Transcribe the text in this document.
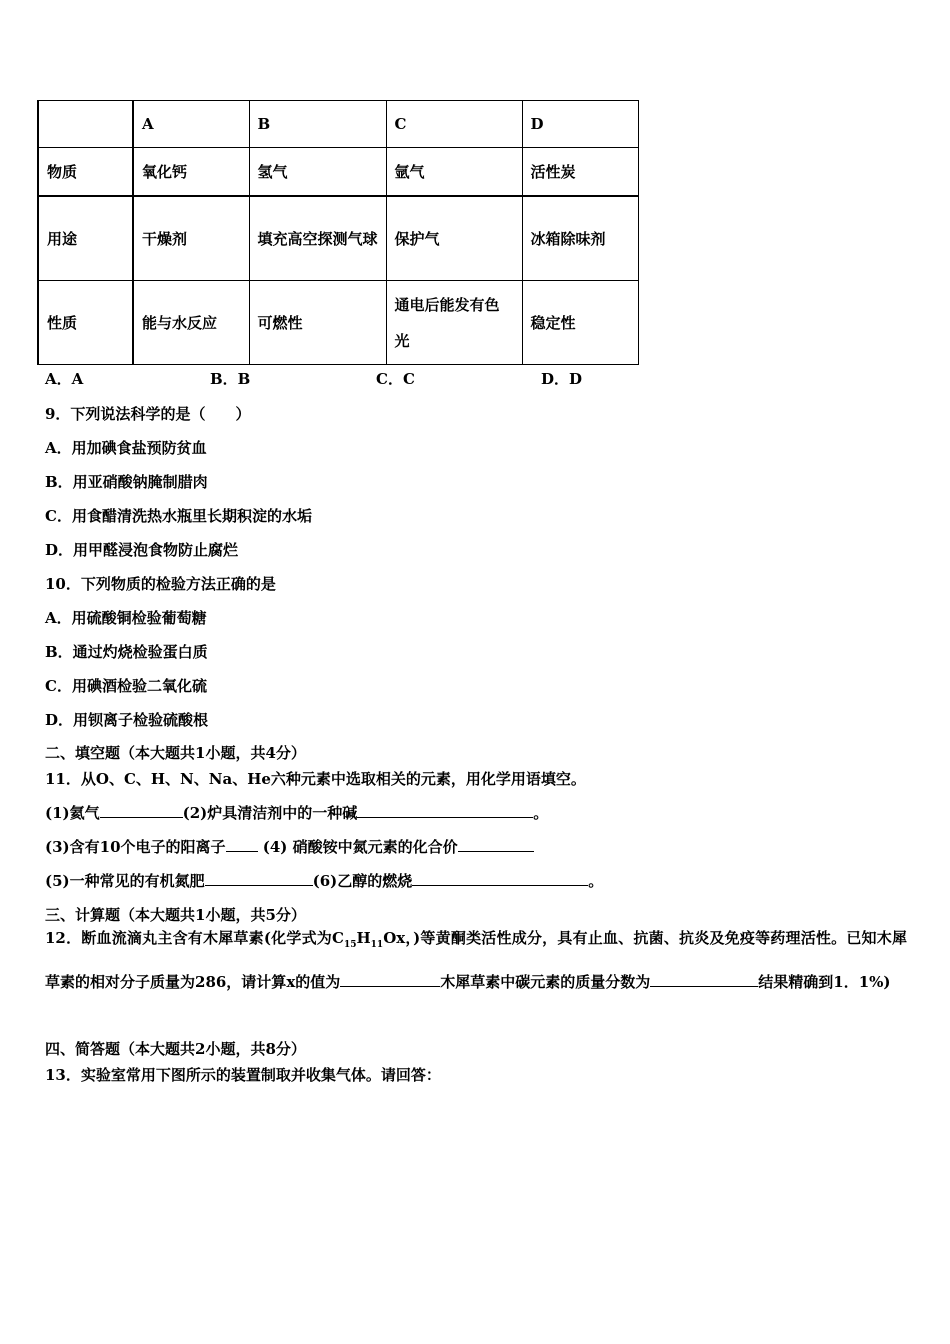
	A	B	C	D
物质	氧化钙	氢气	氩气	活性炭
用途	干燥剂	填充高空探测气球	保护气	冰箱除味剂
性质	能与水反应	可燃性	通电后能发有色光	稳定性
A．A	B．B	C．C	D．D
9．下列说法科学的是（　　）
A．用加碘食盐预防贫血
B．用亚硝酸钠腌制腊肉
C．用食醋清洗热水瓶里长期积淀的水垢
D．用甲醛浸泡食物防止腐烂
10．下列物质的检验方法正确的是
A．用硫酸铜检验葡萄糖
B．通过灼烧检验蛋白质
C．用碘酒检验二氧化硫
D．用钡离子检验硫酸根
二、填空题（本大题共1小题，共4分）
11．从O、C、H、N、Na、He六种元素中选取相关的元素，用化学用语填空。
(1)氦气	(2)炉具清洁剂中的一种碱	。
(3)含有10个电子的阳离子 (4) 硝酸铵中氮元素的化合价
(5)一种常见的有机氮肥	(6)乙醇的燃烧	。
三、计算题（本大题共1小题，共5分）
12．断血流滴丸主含有木犀草素(化学式为$C_{15}H_{11}Ox$，)等黄酮类活性成分，具有止血、抗菌、抗炎及免疫等药理活性。已知木犀草素的相对分子质量为286，请计算x的值为	木犀草素中碳元素的质量分数为	结果精确到1．1%)
四、简答题（本大题共2小题，共8分）
13．实验室常用下图所示的装置制取并收集气体。请回答：
